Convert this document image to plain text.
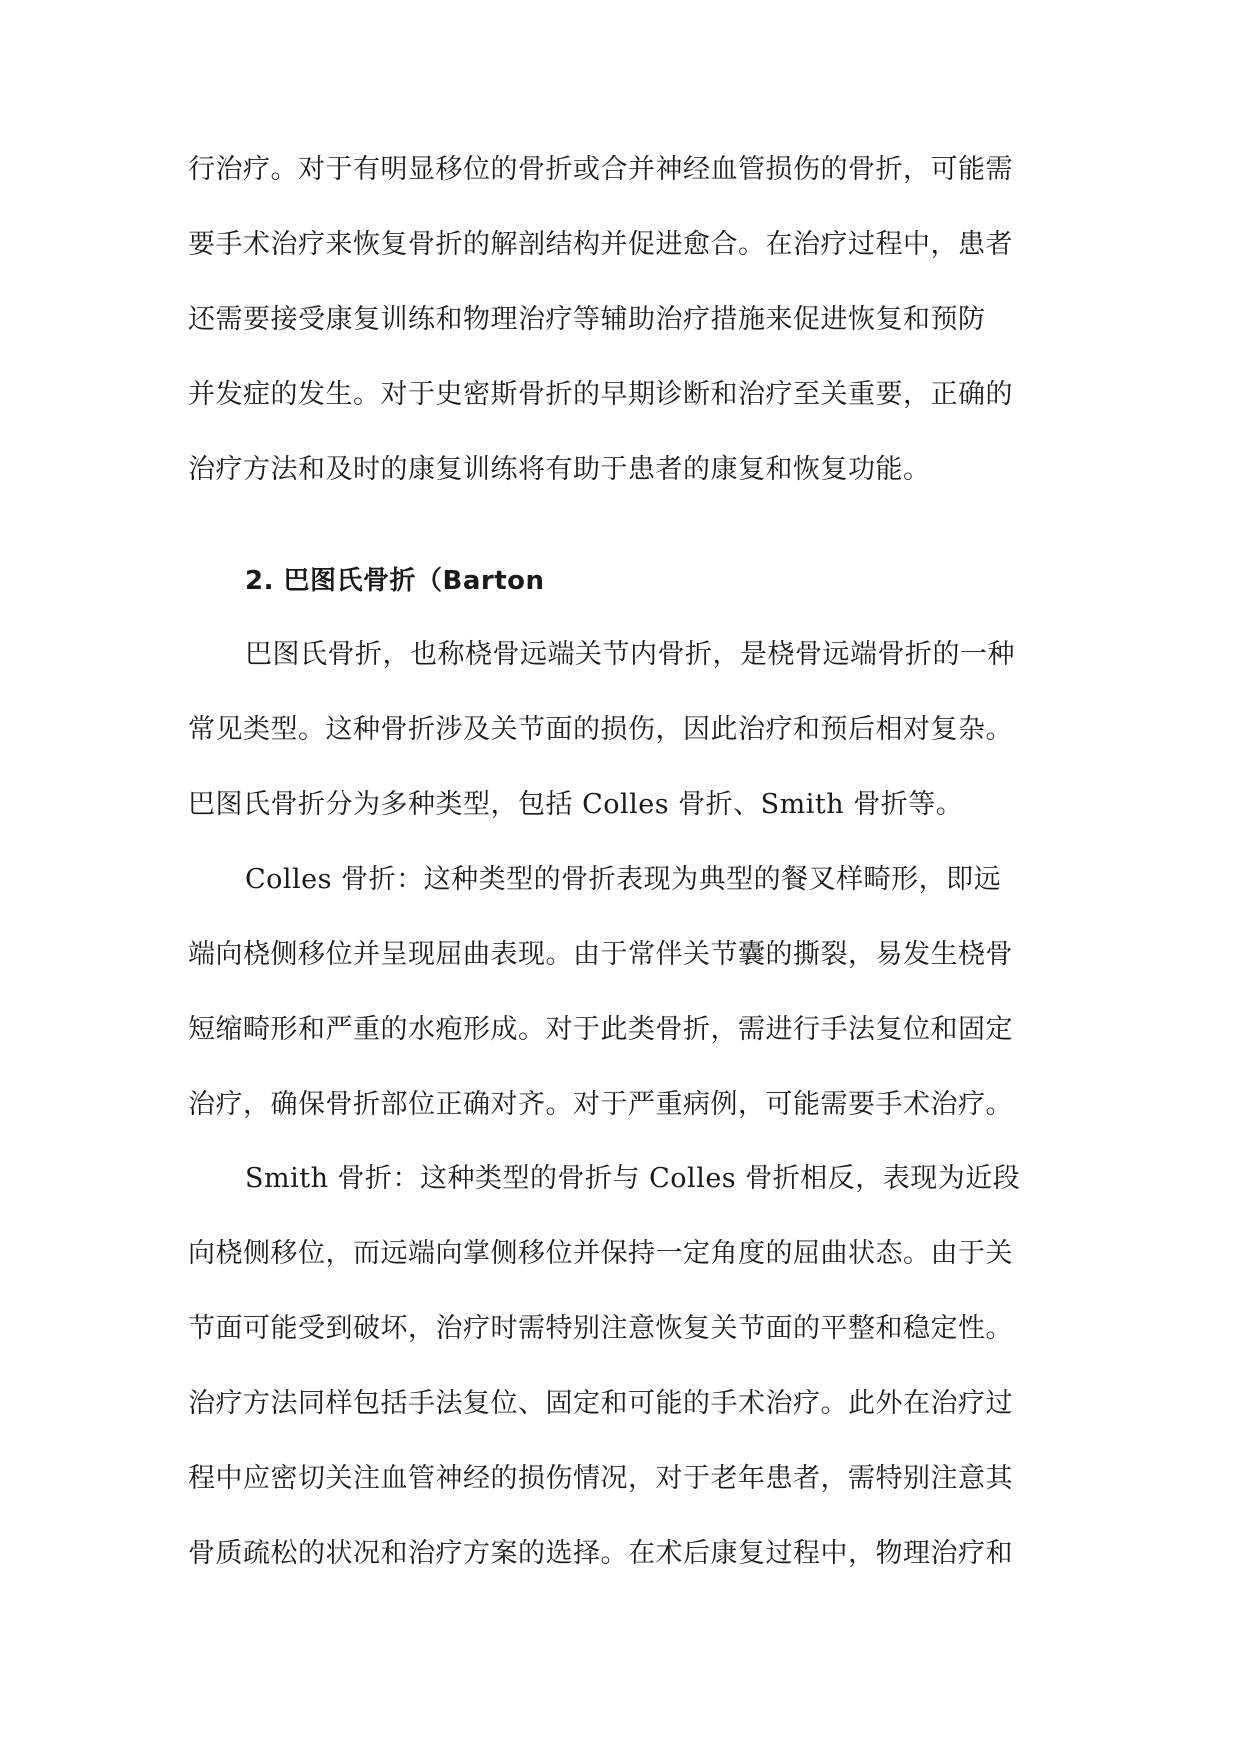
行治疗。对于有明显移位的骨折或合并神经血管损伤的骨折，可能需
要手术治疗来恢复骨折的解剖结构并促进愈合。在治疗过程中，患者
还需要接受康复训练和物理治疗等辅助治疗措施来促进恢复和预防
并发症的发生。对于史密斯骨折的早期诊断和治疗至关重要，正确的
治疗方法和及时的康复训练将有助于患者的康复和恢复功能。
2. 巴图氏骨折（Barton
巴图氏骨折，也称桡骨远端关节内骨折，是桡骨远端骨折的一种
常见类型。这种骨折涉及关节面的损伤，因此治疗和预后相对复杂。
巴图氏骨折分为多种类型，包括 Colles 骨折、Smith 骨折等。
Colles 骨折：这种类型的骨折表现为典型的餐叉样畸形，即远
端向桡侧移位并呈现屈曲表现。由于常伴关节囊的撕裂，易发生桡骨
短缩畸形和严重的水疱形成。对于此类骨折，需进行手法复位和固定
治疗，确保骨折部位正确对齐。对于严重病例，可能需要手术治疗。
Smith 骨折：这种类型的骨折与 Colles 骨折相反，表现为近段
向桡侧移位，而远端向掌侧移位并保持一定角度的屈曲状态。由于关
节面可能受到破坏，治疗时需特别注意恢复关节面的平整和稳定性。
治疗方法同样包括手法复位、固定和可能的手术治疗。此外在治疗过
程中应密切关注血管神经的损伤情况，对于老年患者，需特别注意其
骨质疏松的状况和治疗方案的选择。在术后康复过程中，物理治疗和
